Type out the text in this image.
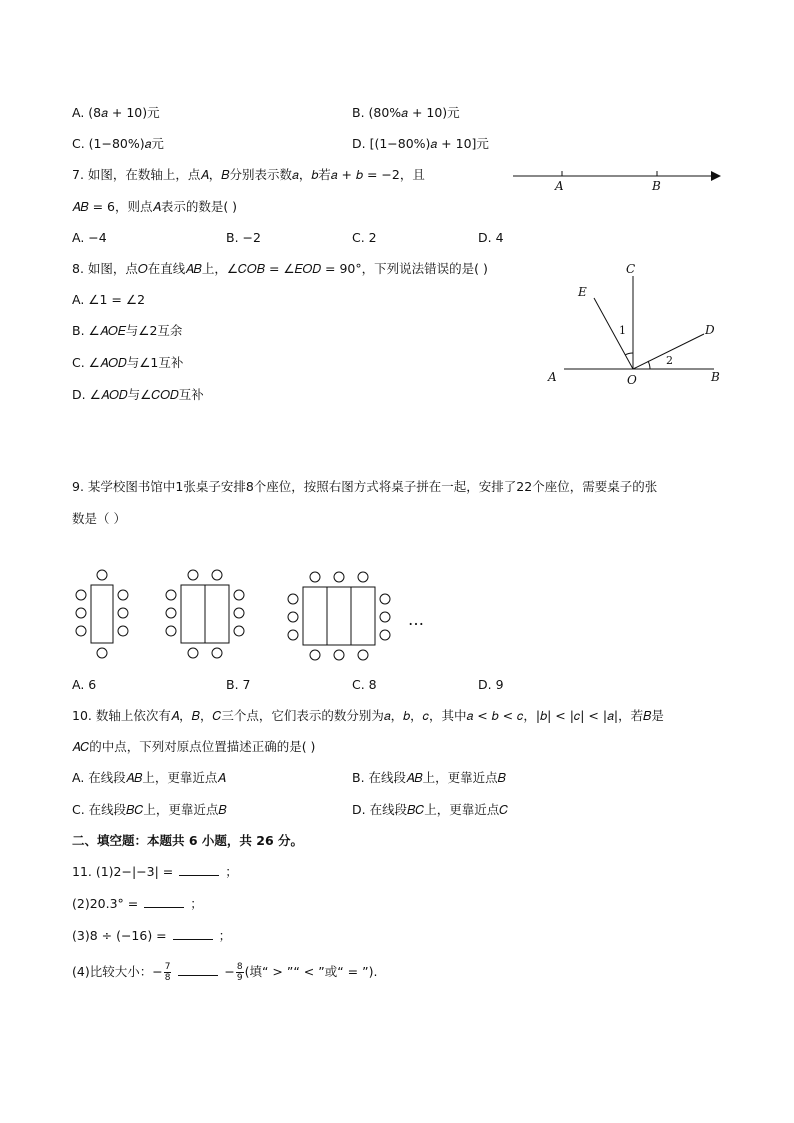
A. (8𝑎 + 10)元	B. (80%𝑎 + 10)元
C. (1−80%)𝑎元	D. [(1−80%)𝑎 + 10]元
7. 如图，在数轴上，点𝐴，𝐵分别表示数𝑎，𝑏若𝑎 + 𝑏 = −2，且
𝐴𝐵 = 6，则点𝐴表示的数是( )
A. −4	B. −2	C. 2	D. 4
A	B
8. 如图，点𝑂在直线𝐴𝐵上，∠𝐶𝑂𝐵 = ∠𝐸𝑂𝐷 = 90°，下列说法错误的是( )
A. ∠1 = ∠2
B. ∠𝐴𝑂𝐸与∠2互余
C. ∠𝐴𝑂𝐷与∠1互补
D. ∠𝐴𝑂𝐷与∠𝐶𝑂𝐷互补
C
E
D
A	O	B
1
2
9. 某学校图书馆中1张桌子安排8个座位，按照右图方式将桌子拼在一起，安排了22个座位，需要桌子的张
数是（ ）
…
A. 6	B. 7	C. 8	D. 9
10. 数轴上依次有𝐴，𝐵，𝐶三个点，它们表示的数分别为𝑎，𝑏，𝑐，其中𝑎 < 𝑏 < 𝑐，|𝑏| < |𝑐| < |𝑎|，若𝐵是
𝐴𝐶的中点，下列对原点位置描述正确的是( )
A. 在线段𝐴𝐵上，更靠近点𝐴	B. 在线段𝐴𝐵上，更靠近点𝐵
C. 在线段𝐵𝐶上，更靠近点𝐵	D. 在线段𝐵𝐶上，更靠近点𝐶
二、填空题：本题共 6 小题，共 26 分。
11. (1)2−|−3| =	；
(2)20.3° =	；
(3)8 ÷ (−16) =	；
(4)比较大小：− $\frac{7}{8}$	− $\frac{8}{9}$ (填“ > ”“ < ”或“ = ”).
